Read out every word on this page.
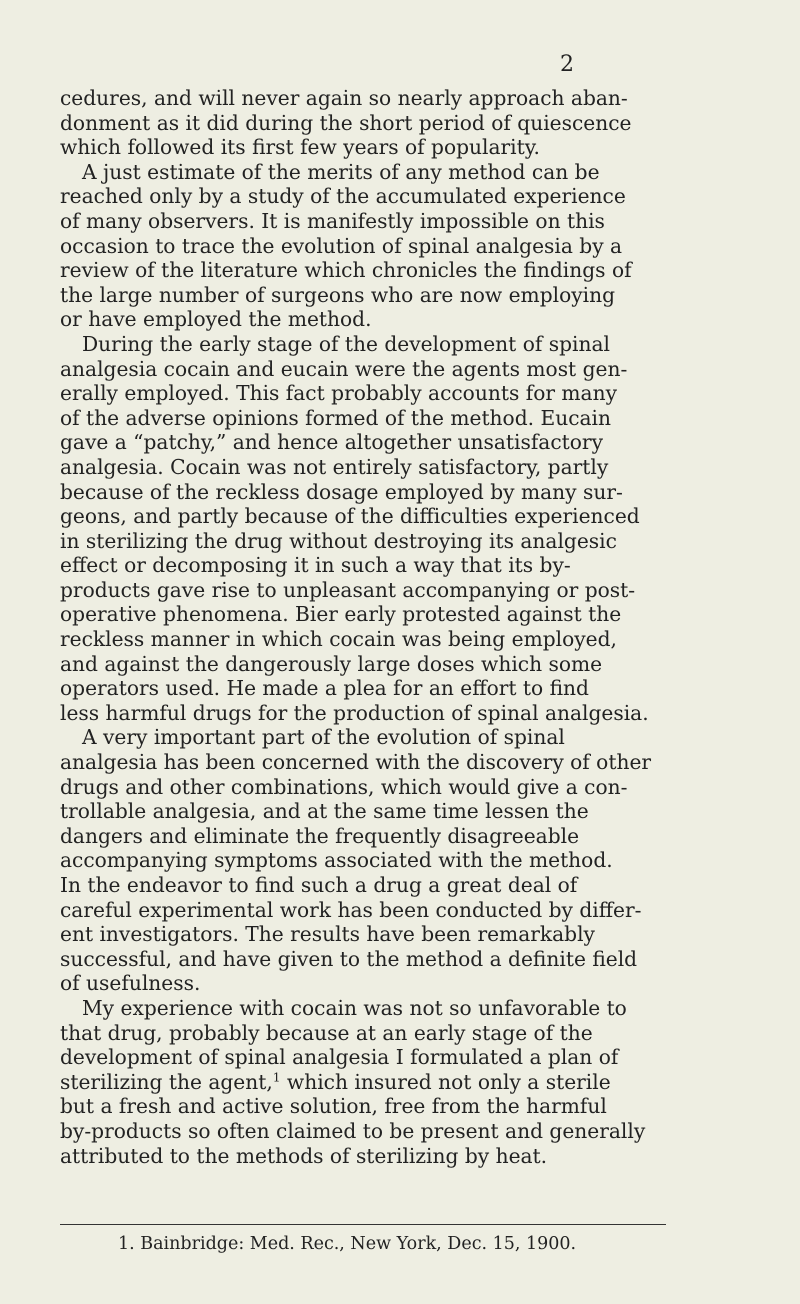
2
cedures, and will never again so nearly approach aban-
donment as it did during the short period of quiescence
which followed its first few years of popularity.
A just estimate of the merits of any method can be
reached only by a study of the accumulated experience
of many observers. It is manifestly impossible on this
occasion to trace the evolution of spinal analgesia by a
review of the literature which chronicles the findings of
the large number of surgeons who are now employing
or have employed the method.
During the early stage of the development of spinal
analgesia cocain and eucain were the agents most gen-
erally employed. This fact probably accounts for many
of the adverse opinions formed of the method. Eucain
gave a “patchy,” and hence altogether unsatisfactory
analgesia. Cocain was not entirely satisfactory, partly
because of the reckless dosage employed by many sur-
geons, and partly because of the difficulties experienced
in sterilizing the drug without destroying its analgesic
effect or decomposing it in such a way that its by-
products gave rise to unpleasant accompanying or post-
operative phenomena. Bier early protested against the
reckless manner in which cocain was being employed,
and against the dangerously large doses which some
operators used. He made a plea for an effort to find
less harmful drugs for the production of spinal analgesia.
A very important part of the evolution of spinal
analgesia has been concerned with the discovery of other
drugs and other combinations, which would give a con-
trollable analgesia, and at the same time lessen the
dangers and eliminate the frequently disagreeable
accompanying symptoms associated with the method.
In the endeavor to find such a drug a great deal of
careful experimental work has been conducted by differ-
ent investigators. The results have been remarkably
successful, and have given to the method a definite field
of usefulness.
My experience with cocain was not so unfavorable to
that drug, probably because at an early stage of the
development of spinal analgesia I formulated a plan of
sterilizing the agent,$^1$ which insured not only a sterile
but a fresh and active solution, free from the harmful
by-products so often claimed to be present and generally
attributed to the methods of sterilizing by heat.
1. Bainbridge: Med. Rec., New York, Dec. 15, 1900.
